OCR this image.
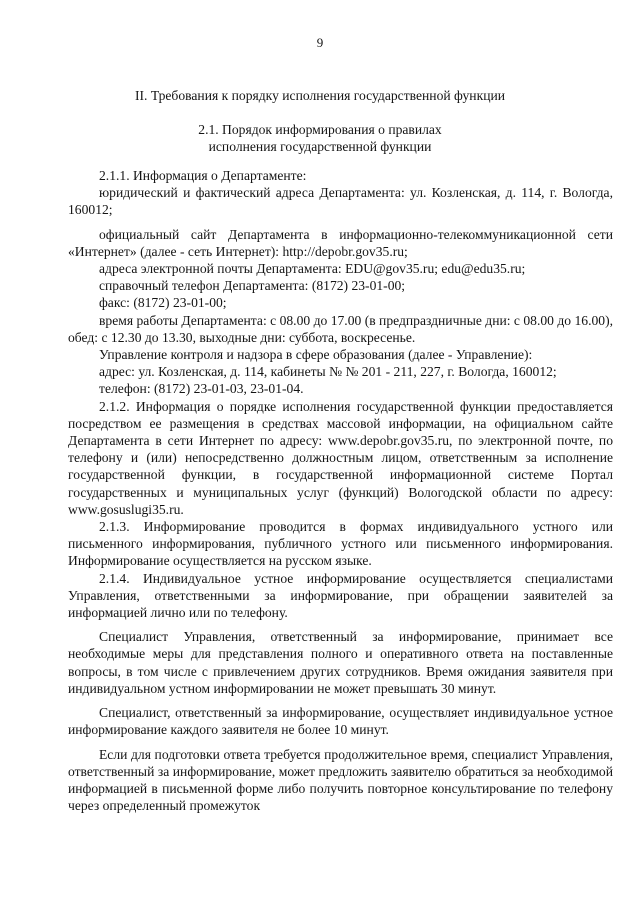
9
II. Требования к порядку исполнения государственной функции
2.1. Порядок информирования о правилах
исполнения государственной функции

2.1.1. Информация о Департаменте:

юридический и фактический адреса Департамента: ул. Козленская, д. 114, г. Вологда, 160012;

официальный сайт Департамента в информационно-телекоммуникационной сети «Интернет» (далее - сеть Интернет): http://depobr.gov35.ru;

адреса электронной почты Департамента: EDU@gov35.ru; edu@edu35.ru;

справочный телефон Департамента: (8172) 23-01-00;

факс: (8172) 23-01-00;

время работы Департамента: с 08.00 до 17.00 (в предпраздничные дни: с 08.00 до 16.00), обед: с 12.30 до 13.30, выходные дни: суббота, воскресенье.

Управление контроля и надзора в сфере образования (далее - Управление):

адрес: ул. Козленская, д. 114, кабинеты № № 201 - 211, 227, г. Вологда, 160012;

телефон: (8172) 23-01-03, 23-01-04.

2.1.2. Информация о порядке исполнения государственной функции предоставляется посредством ее размещения в средствах массовой информации, на официальном сайте Департамента в сети Интернет по адресу: www.depobr.gov35.ru, по электронной почте, по телефону и (или) непосредственно должностным лицом, ответственным за исполнение государственной функции, в государственной информационной системе Портал государственных и муниципальных услуг (функций) Вологодской области по адресу: www.gosuslugi35.ru.

2.1.3. Информирование проводится в формах индивидуального устного или письменного информирования, публичного устного или письменного информирования. Информирование осуществляется на русском языке.

2.1.4. Индивидуальное устное информирование осуществляется специалистами Управления, ответственными за информирование, при обращении заявителей за информацией лично или по телефону.

Специалист Управления, ответственный за информирование, принимает все необходимые меры для представления полного и оперативного ответа на поставленные вопросы, в том числе с привлечением других сотрудников. Время ожидания заявителя при индивидуальном устном информировании не может превышать 30 минут.

Специалист, ответственный за информирование, осуществляет индивидуальное устное информирование каждого заявителя не более 10 минут.

Если для подготовки ответа требуется продолжительное время, специалист Управления, ответственный за информирование, может предложить заявителю обратиться за необходимой информацией в письменной форме либо получить повторное консультирование по телефону через определенный промежуток
